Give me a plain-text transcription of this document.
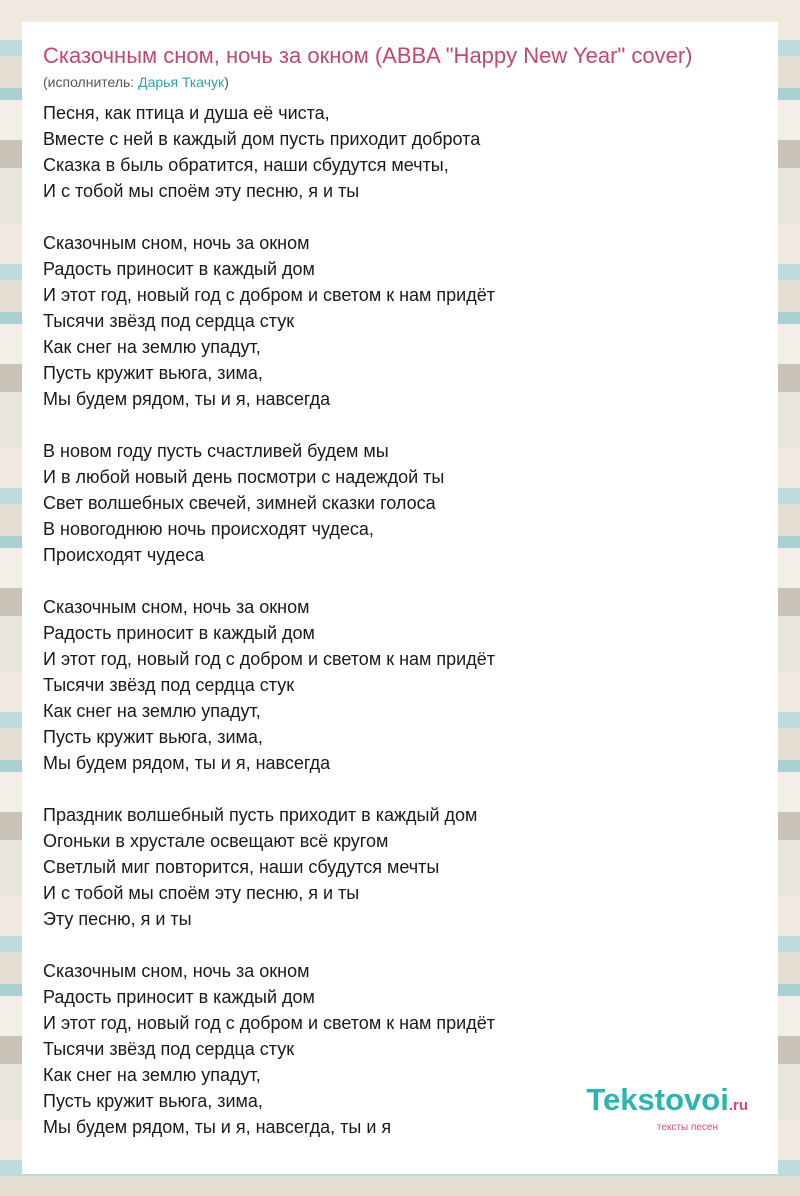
Сказочным сном, ночь за окном (ABBA "Happy New Year" cover)
(исполнитель: Дарья Ткачук)
Песня, как птица и душа её чиста,
Вместе с ней в каждый дом пусть приходит доброта
Сказка в быль обратится, наши сбудутся мечты,
И с тобой мы споём эту песню, я и ты
Сказочным сном, ночь за окном
Радость приносит в каждый дом
И этот год, новый год с добром и светом к нам придёт
Тысячи звёзд под сердца стук
Как снег на землю упадут,
Пусть кружит вьюга, зима,
Мы будем рядом, ты и я, навсегда
В новом году пусть счастливей будем мы
И в любой новый день посмотри с надеждой ты
Свет волшебных свечей, зимней сказки голоса
В новогоднюю ночь происходят чудеса,
Происходят чудеса
Сказочным сном, ночь за окном
Радость приносит в каждый дом
И этот год, новый год с добром и светом к нам придёт
Тысячи звёзд под сердца стук
Как снег на землю упадут,
Пусть кружит вьюга, зима,
Мы будем рядом, ты и я, навсегда
Праздник волшебный пусть приходит в каждый дом
Огоньки в хрустале освещают всё кругом
Светлый миг повторится, наши сбудутся мечты
И с тобой мы споём эту песню, я и ты
Эту песню, я и ты
Сказочным сном, ночь за окном
Радость приносит в каждый дом
И этот год, новый год с добром и светом к нам придёт
Тысячи звёзд под сердца стук
Как снег на землю упадут,
Пусть кружит вьюга, зима,
Мы будем рядом, ты и я, навсегда, ты и я
Tekstovoi.ru
тексты песен
